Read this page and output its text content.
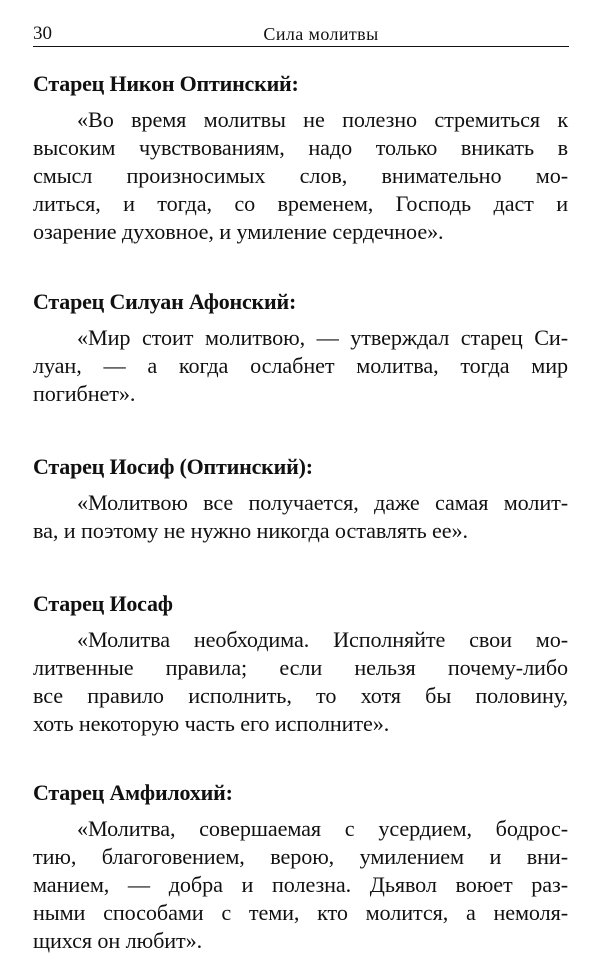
30	Сила молитвы

Старец Никон Оптинский:

«Во время молитвы не полезно стремиться к
высоким чувствованиям, надо только вникать в
смысл произносимых слов, внимательно мо-
литься, и тогда, со временем, Господь даст и
озарение духовное, и умиление сердечное».

Старец Силуан Афонский:

«Мир стоит молитвою, — утверждал старец Си-
луан, — а когда ослабнет молитва, тогда мир
погибнет».

Старец Иосиф (Оптинский):

«Молитвою все получается, даже самая молит-
ва, и поэтому не нужно никогда оставлять ее».

Старец Иосаф

«Молитва необходима. Исполняйте свои мо-
литвенные правила; если нельзя почему-либо
все правило исполнить, то хотя бы половину,
хоть некоторую часть его исполните».

Старец Амфилохий:

«Молитва, совершаемая с усердием, бодрос-
тию, благоговением, верою, умилением и вни-
манием, — добра и полезна. Дьявол воюет раз-
ными способами с теми, кто молится, а немоля-
щихся он любит».
